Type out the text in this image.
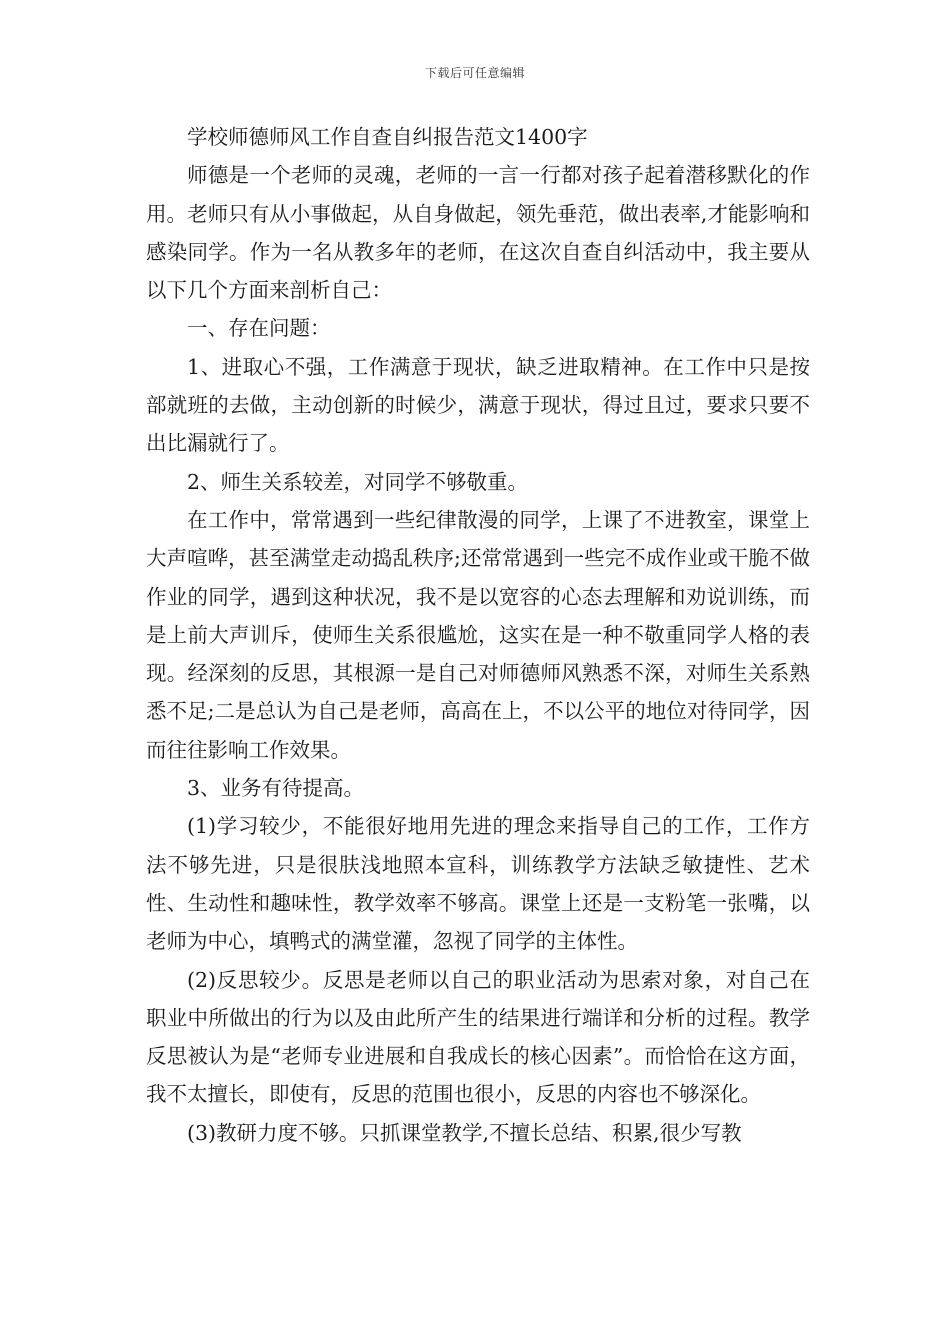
下载后可任意编辑

学校师德师风工作自查自纠报告范文1400字

师德是一个老师的灵魂，老师的一言一行都对孩子起着潜移默化的作用。老师只有从小事做起，从自身做起，领先垂范，做出表率,才能影响和感染同学。作为一名从教多年的老师，在这次自查自纠活动中，我主要从以下几个方面来剖析自己：

一、存在问题：

1、进取心不强，工作满意于现状，缺乏进取精神。在工作中只是按部就班的去做，主动创新的时候少，满意于现状，得过且过，要求只要不出比漏就行了。

2、师生关系较差，对同学不够敬重。

在工作中，常常遇到一些纪律散漫的同学，上课了不进教室，课堂上大声喧哗，甚至满堂走动捣乱秩序;还常常遇到一些完不成作业或干脆不做作业的同学，遇到这种状况，我不是以宽容的心态去理解和劝说训练，而是上前大声训斥，使师生关系很尴尬，这实在是一种不敬重同学人格的表现。经深刻的反思，其根源一是自己对师德师风熟悉不深，对师生关系熟悉不足;二是总认为自己是老师，高高在上，不以公平的地位对待同学，因而往往影响工作效果。

3、业务有待提高。

(1)学习较少，不能很好地用先进的理念来指导自己的工作，工作方法不够先进，只是很肤浅地照本宣科，训练教学方法缺乏敏捷性、艺术性、生动性和趣味性，教学效率不够高。课堂上还是一支粉笔一张嘴，以老师为中心，填鸭式的满堂灌，忽视了同学的主体性。

(2)反思较少。反思是老师以自己的职业活动为思索对象，对自己在职业中所做出的行为以及由此所产生的结果进行端详和分析的过程。教学反思被认为是“老师专业进展和自我成长的核心因素”。而恰恰在这方面，我不太擅长，即使有，反思的范围也很小，反思的内容也不够深化。

(3)教研力度不够。只抓课堂教学,不擅长总结、积累,很少写教
